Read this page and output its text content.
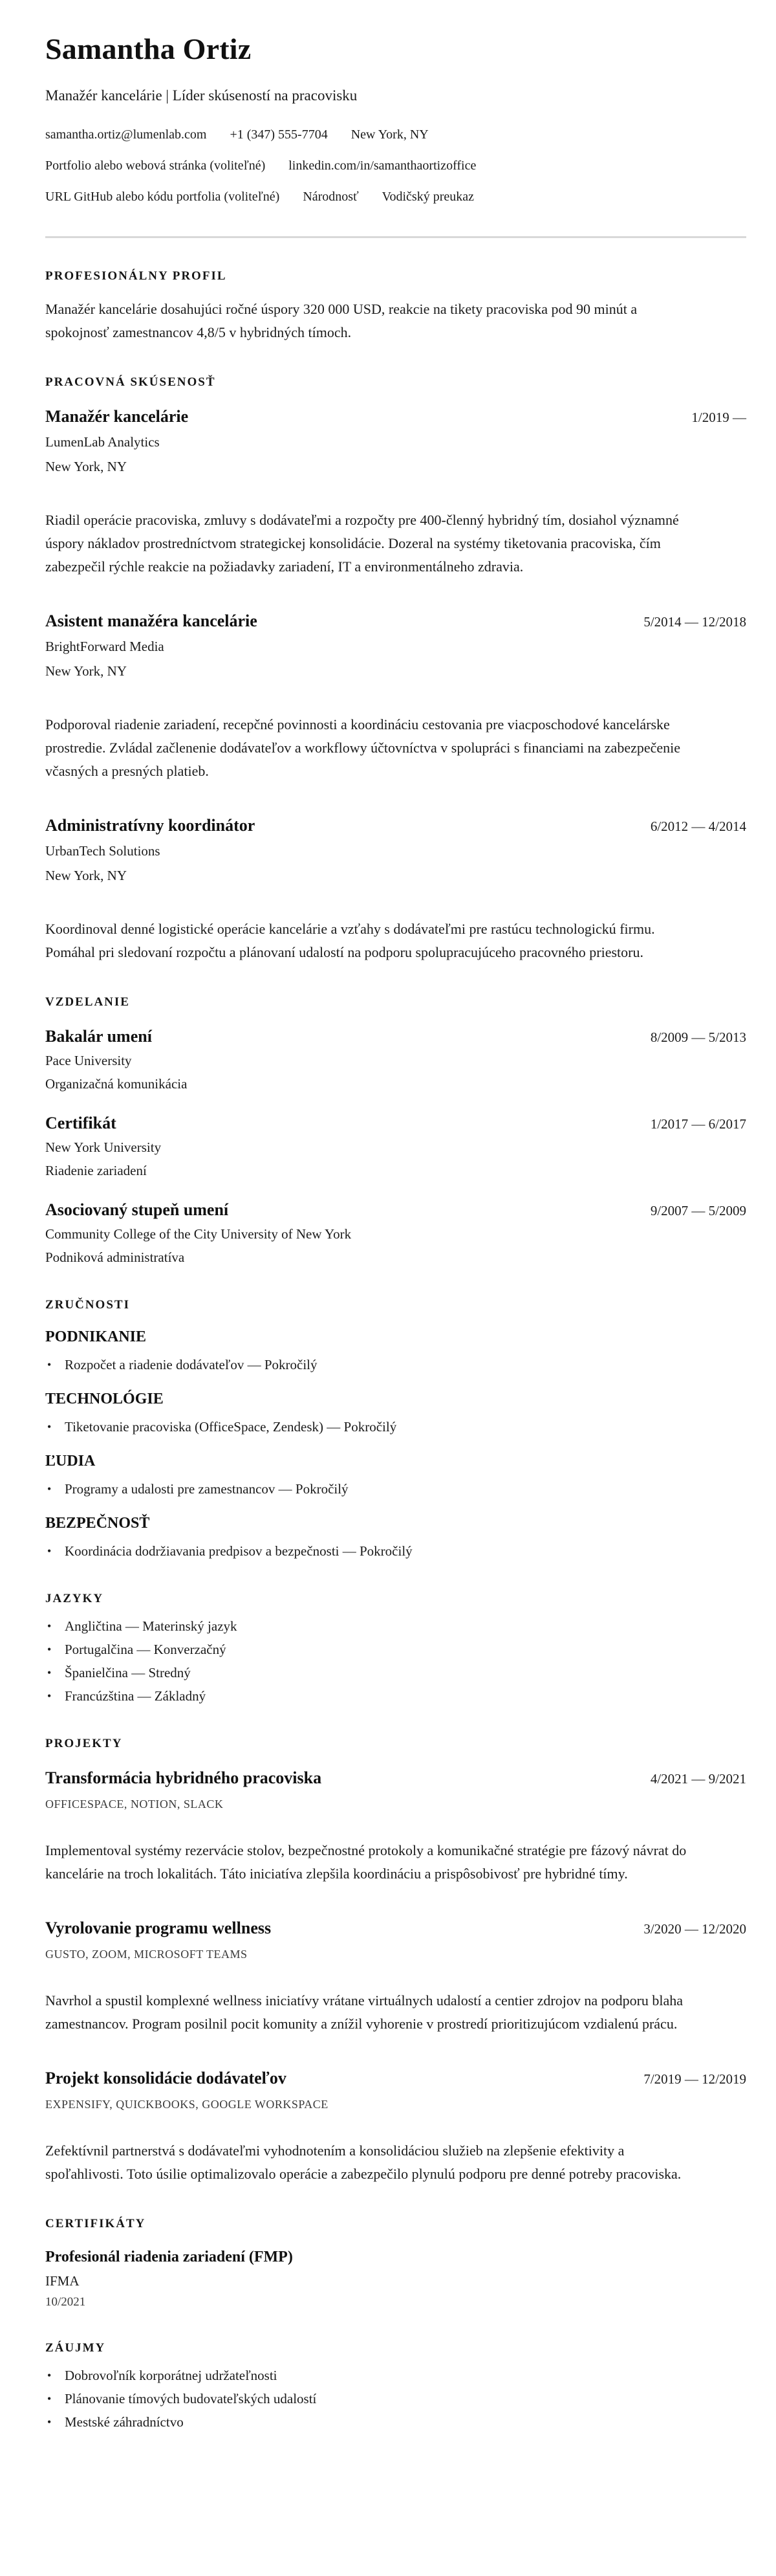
Samantha Ortiz
Manažér kancelárie | Líder skúseností na pracovisku
samantha.ortiz@lumenlab.com +1 (347) 555-7704 New York, NY
Portfolio alebo webová stránka (voliteľné) linkedin.com/in/samanthaortizoffice
URL GitHub alebo kódu portfolia (voliteľné) Národnosť Vodičský preukaz
PROFESIONÁLNY PROFIL

Manažér kancelárie dosahujúci ročné úspory 320 000 USD, reakcie na tikety pracoviska pod 90 minút a spokojnosť zamestnancov 4,8/5 v hybridných tímoch.

PRACOVNÁ SKÚSENOSŤ
Manažér kancelárie	1/2019 —
LumenLab Analytics
New York, NY

Riadil operácie pracoviska, zmluvy s dodávateľmi a rozpočty pre 400-členný hybridný tím, dosiahol významné úspory nákladov prostredníctvom strategickej konsolidácie. Dozeral na systémy tiketovania pracoviska, čím zabezpečil rýchle reakcie na požiadavky zariadení, IT a environmentálneho zdravia.

Asistent manažéra kancelárie	5/2014 — 12/2018
BrightForward Media
New York, NY

Podporoval riadenie zariadení, recepčné povinnosti a koordináciu cestovania pre viacposchodové kancelárske prostredie. Zvládal začlenenie dodávateľov a workflowy účtovníctva v spolupráci s financiami na zabezpečenie včasných a presných platieb.

Administratívny koordinátor	6/2012 — 4/2014
UrbanTech Solutions
New York, NY

Koordinoval denné logistické operácie kancelárie a vzťahy s dodávateľmi pre rastúcu technologickú firmu. Pomáhal pri sledovaní rozpočtu a plánovaní udalostí na podporu spolupracujúceho pracovného priestoru.

VZDELANIE
Bakalár umení	8/2009 — 5/2013
Pace University
Organizačná komunikácia
Certifikát	1/2017 — 6/2017
New York University
Riadenie zariadení
Asociovaný stupeň umení	9/2007 — 5/2009
Community College of the City University of New York
Podniková administratíva
ZRUČNOSTI
PODNIKANIE
• Rozpočet a riadenie dodávateľov — Pokročilý
TECHNOLÓGIE
• Tiketovanie pracoviska (OfficeSpace, Zendesk) — Pokročilý
ĽUDIA
• Programy a udalosti pre zamestnancov — Pokročilý
BEZPEČNOSŤ
• Koordinácia dodržiavania predpisov a bezpečnosti — Pokročilý
JAZYKY
• Angličtina — Materinský jazyk
• Portugalčina — Konverzačný
• Španielčina — Stredný
• Francúzština — Základný
PROJEKTY
Transformácia hybridného pracoviska	4/2021 — 9/2021
OFFICESPACE, NOTION, SLACK

Implementoval systémy rezervácie stolov, bezpečnostné protokoly a komunikačné stratégie pre fázový návrat do kancelárie na troch lokalitách. Táto iniciatíva zlepšila koordináciu a prispôsobivosť pre hybridné tímy.

Vyrolovanie programu wellness	3/2020 — 12/2020
GUSTO, ZOOM, MICROSOFT TEAMS

Navrhol a spustil komplexné wellness iniciatívy vrátane virtuálnych udalostí a centier zdrojov na podporu blaha zamestnancov. Program posilnil pocit komunity a znížil vyhorenie v prostredí prioritizujúcom vzdialenú prácu.

Projekt konsolidácie dodávateľov	7/2019 — 12/2019
EXPENSIFY, QUICKBOOKS, GOOGLE WORKSPACE

Zefektívnil partnerstvá s dodávateľmi vyhodnotením a konsolidáciou služieb na zlepšenie efektivity a spoľahlivosti. Toto úsilie optimalizovalo operácie a zabezpečilo plynulú podporu pre denné potreby pracoviska.

CERTIFIKÁTY
Profesionál riadenia zariadení (FMP)
IFMA
10/2021
ZÁUJMY
• Dobrovoľník korporátnej udržateľnosti
• Plánovanie tímových budovateľských udalostí
• Mestské záhradníctvo
